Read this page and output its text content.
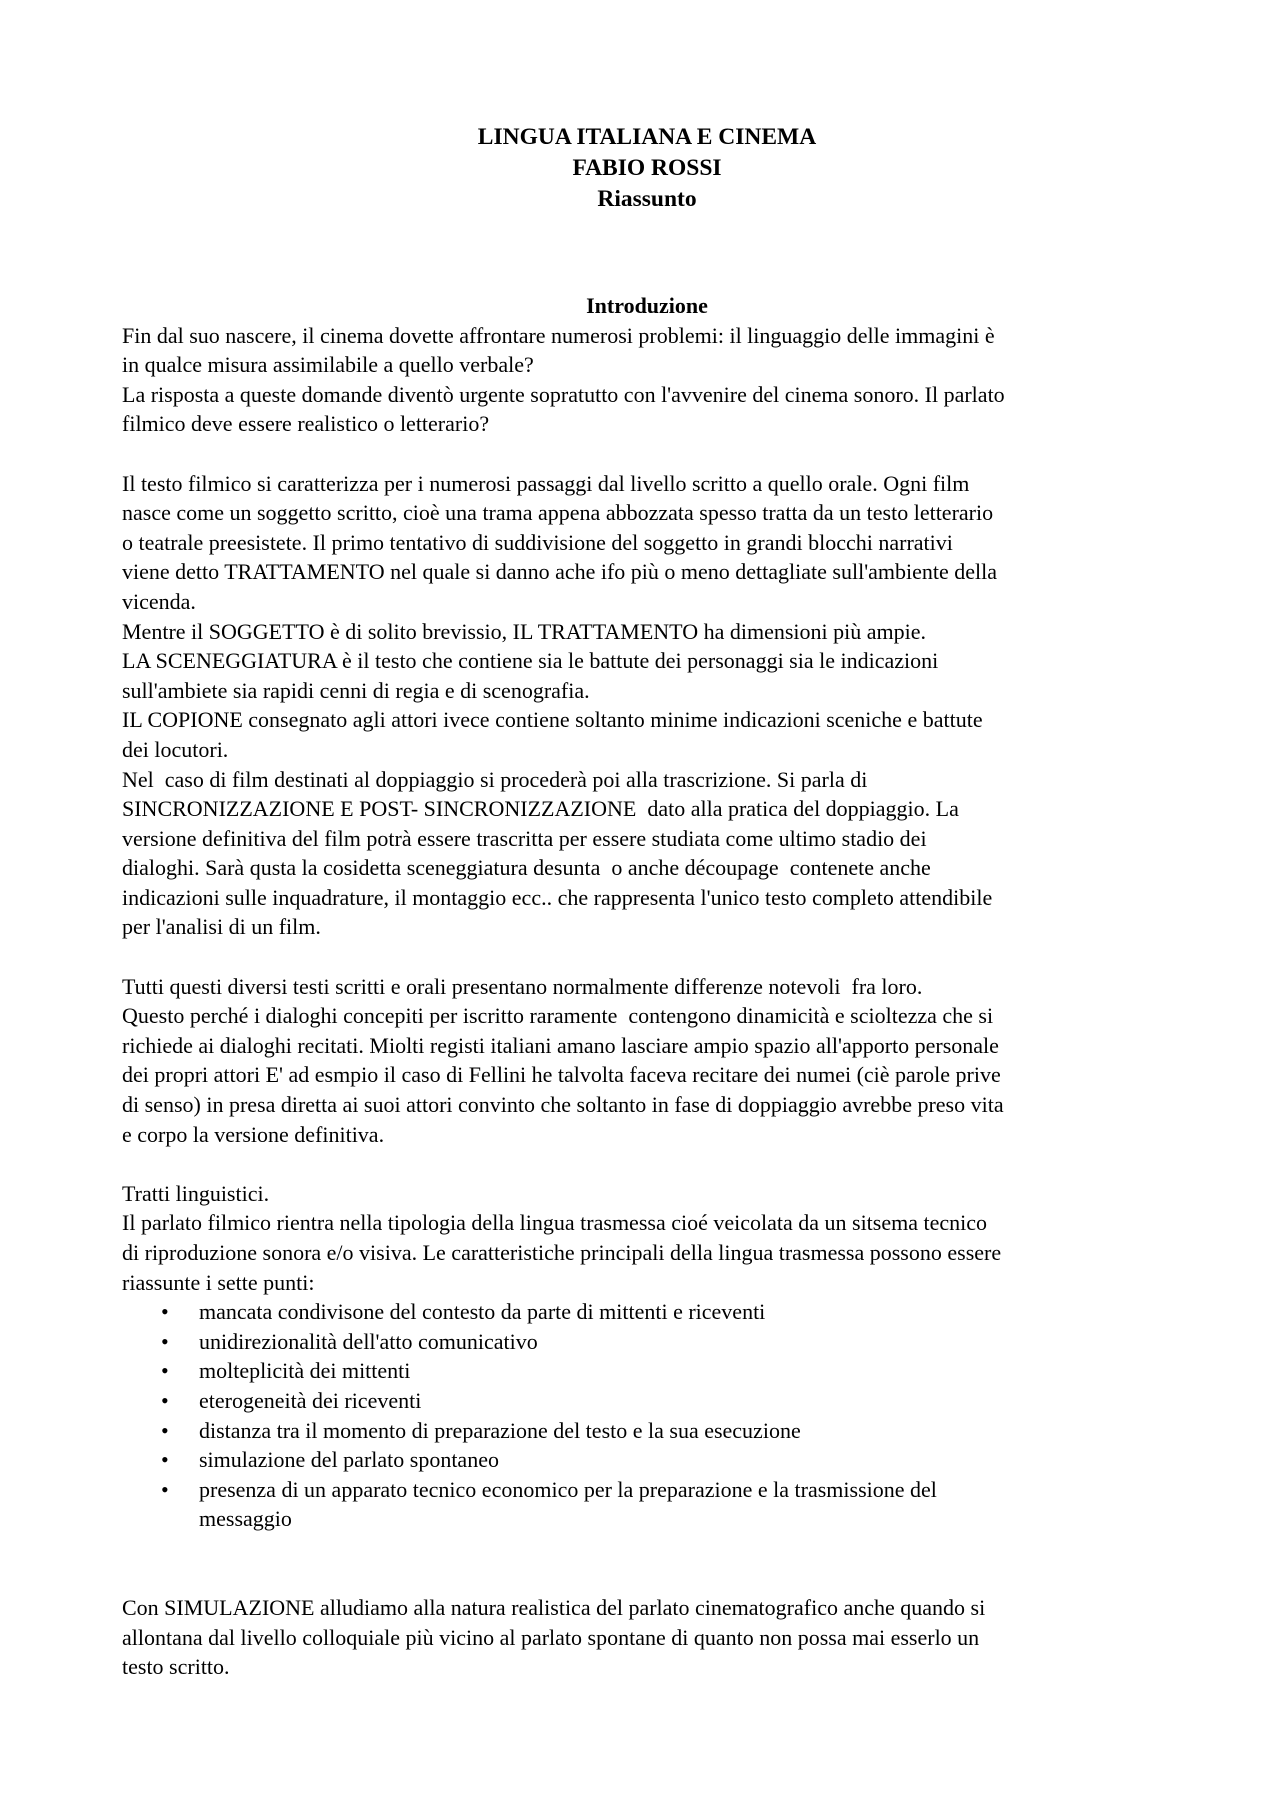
LINGUA ITALIANA E CINEMA
FABIO ROSSI
Riassunto
Introduzione
Fin dal suo nascere, il cinema dovette affrontare numerosi problemi: il linguaggio delle immagini è
in qualce misura assimilabile a quello verbale?
La risposta a queste domande diventò urgente sopratutto con l'avvenire del cinema sonoro. Il parlato
filmico deve essere realistico o letterario?
Il testo filmico si caratterizza per i numerosi passaggi dal livello scritto a quello orale. Ogni film
nasce come un soggetto scritto, cioè una trama appena abbozzata spesso tratta da un testo letterario
o teatrale preesistete. Il primo tentativo di suddivisione del soggetto in grandi blocchi narrativi
viene detto TRATTAMENTO nel quale si danno ache ifo più o meno dettagliate sull'ambiente della
vicenda.
Mentre il SOGGETTO è di solito brevissio, IL TRATTAMENTO ha dimensioni più ampie.
LA SCENEGGIATURA è il testo che contiene sia le battute dei personaggi sia le indicazioni
sull'ambiete sia rapidi cenni di regia e di scenografia.
IL COPIONE consegnato agli attori ivece contiene soltanto minime indicazioni sceniche e battute
dei locutori.
Nel  caso di film destinati al doppiaggio si procederà poi alla trascrizione. Si parla di
SINCRONIZZAZIONE E POST- SINCRONIZZAZIONE  dato alla pratica del doppiaggio. La
versione definitiva del film potrà essere trascritta per essere studiata come ultimo stadio dei
dialoghi. Sarà qusta la cosidetta sceneggiatura desunta  o anche découpage  contenete anche
indicazioni sulle inquadrature, il montaggio ecc.. che rappresenta l'unico testo completo attendibile
per l'analisi di un film.
Tutti questi diversi testi scritti e orali presentano normalmente differenze notevoli  fra loro.
Questo perché i dialoghi concepiti per iscritto raramente  contengono dinamicità e scioltezza che si
richiede ai dialoghi recitati. Miolti registi italiani amano lasciare ampio spazio all'apporto personale
dei propri attori E' ad esmpio il caso di Fellini he talvolta faceva recitare dei numei (ciè parole prive
di senso) in presa diretta ai suoi attori convinto che soltanto in fase di doppiaggio avrebbe preso vita
e corpo la versione definitiva.
Tratti linguistici.
Il parlato filmico rientra nella tipologia della lingua trasmessa cioé veicolata da un sitsema tecnico
di riproduzione sonora e/o visiva. Le caratteristiche principali della lingua trasmessa possono essere
riassunte i sette punti:
• mancata condivisone del contesto da parte di mittenti e riceventi
• unidirezionalità dell'atto comunicativo
• molteplicità dei mittenti
• eterogeneità dei riceventi
• distanza tra il momento di preparazione del testo e la sua esecuzione
• simulazione del parlato spontaneo
• presenza di un apparato tecnico economico per la preparazione e la trasmissione del
messaggio
Con SIMULAZIONE alludiamo alla natura realistica del parlato cinematografico anche quando si
allontana dal livello colloquiale più vicino al parlato spontane di quanto non possa mai esserlo un
testo scritto.
